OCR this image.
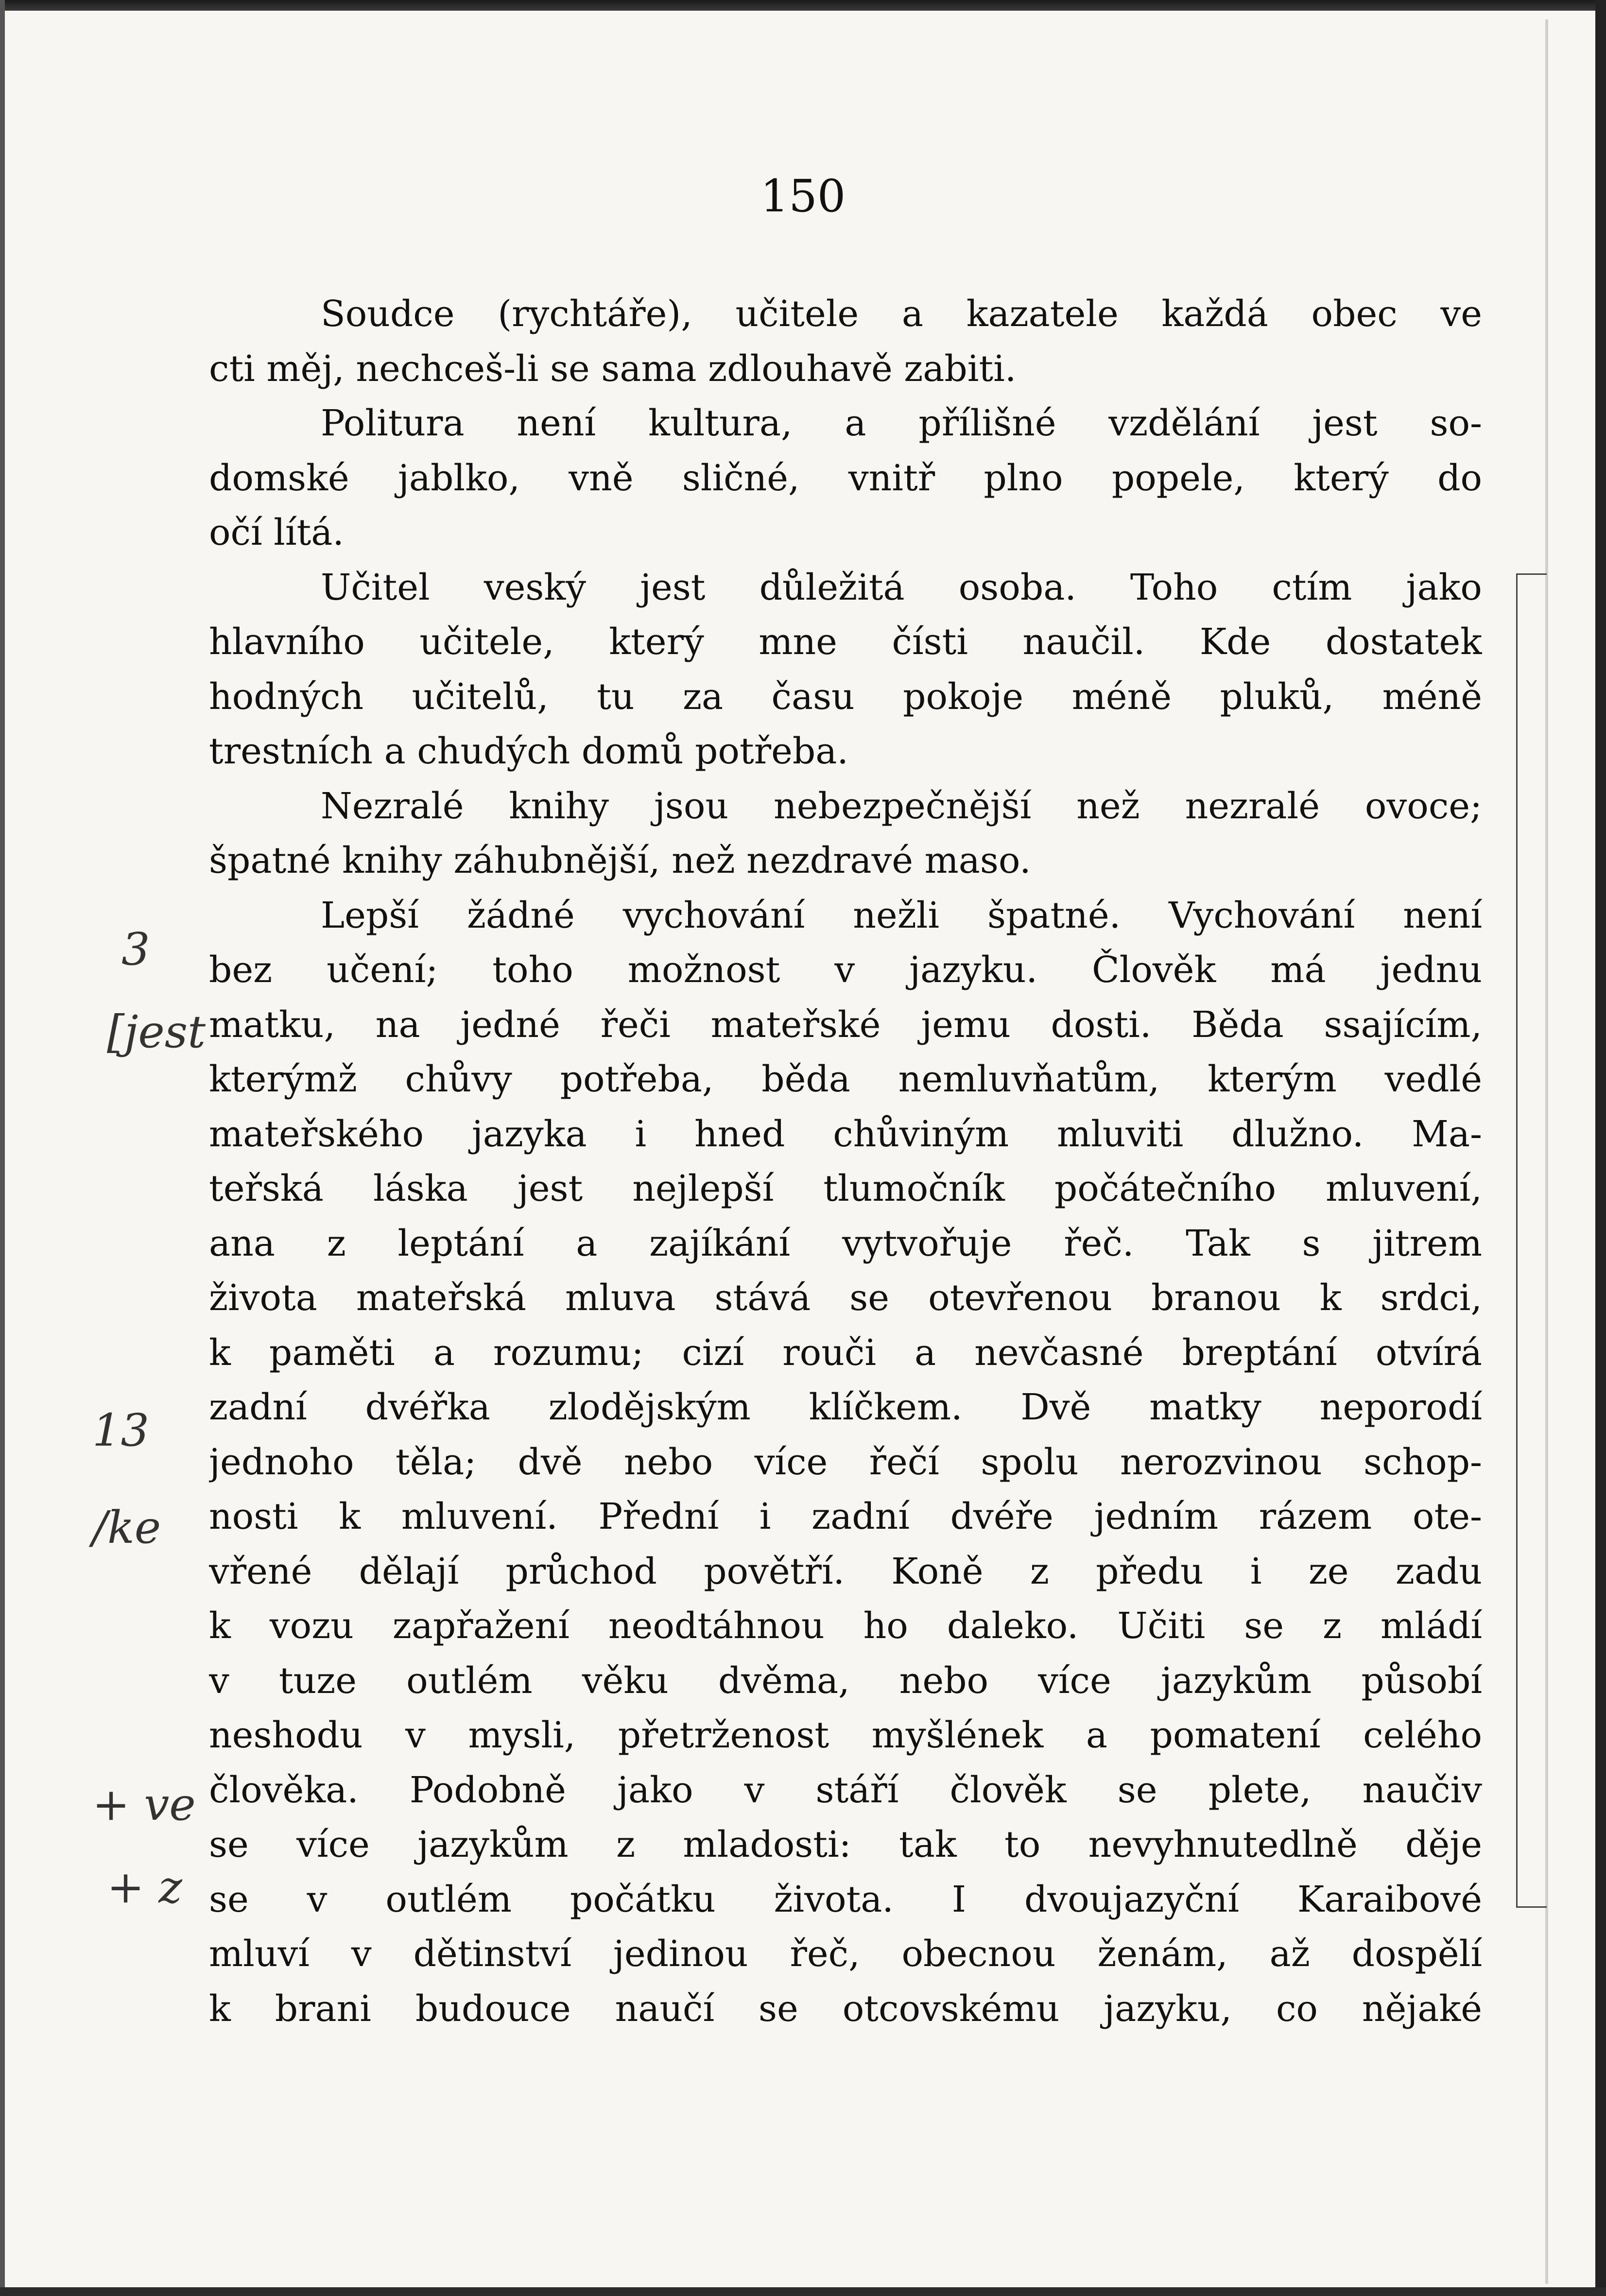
150
Soudce (rychtáře), učitele a kazatele každá obec ve
cti měj, nechceš-li se sama zdlouhavě zabiti.
Politura není kultura, a přílišné vzdělání jest so-
domské jablko, vně sličné, vnitř plno popele, který do
očí lítá.
Učitel veský jest důležitá osoba. Toho ctím jako
hlavního učitele, který mne čísti naučil. Kde dostatek
hodných učitelů, tu za času pokoje méně pluků, méně
trestních a chudých domů potřeba.
Nezralé knihy jsou nebezpečnější než nezralé ovoce;
špatné knihy záhubnější, než nezdravé maso.
Lepší žádné vychování nežli špatné. Vychování není
bez učení; toho možnost v jazyku. Člověk má jednu
matku, na jedné řeči mateřské jemu dosti. Běda ssajícím,
kterýmž chůvy potřeba, běda nemluvňatům, kterým vedlé
mateřského jazyka i hned chůviným mluviti dlužno. Ma-
teřská láska jest nejlepší tlumočník počátečního mluvení,
ana z leptání a zajíkání vytvořuje řeč. Tak s jitrem
života mateřská mluva stává se otevřenou branou k srdci,
k paměti a rozumu; cizí rouči a nevčasné breptání otvírá
zadní dvéřka zlodějským klíčkem. Dvě matky neporodí
jednoho těla; dvě nebo více řečí spolu nerozvinou schop-
nosti k mluvení. Přední i zadní dvéře jedním rázem ote-
vřené dělají průchod povětří. Koně z předu i ze zadu
k vozu zapřažení neodtáhnou ho daleko. Učiti se z mládí
v tuze outlém věku dvěma, nebo více jazykům působí
neshodu v mysli, přetrženost myšlének a pomatení celého
člověka. Podobně jako v stáří člověk se plete, naučiv
se více jazykům z mladosti: tak to nevyhnutedlně děje
se v outlém počátku života. I dvoujazyční Karaibové
mluví v dětinství jedinou řeč, obecnou ženám, až dospělí
k brani budouce naučí se otcovskému jazyku, co nějaké
3
[jest
13
/ke
+ ve
+ z
